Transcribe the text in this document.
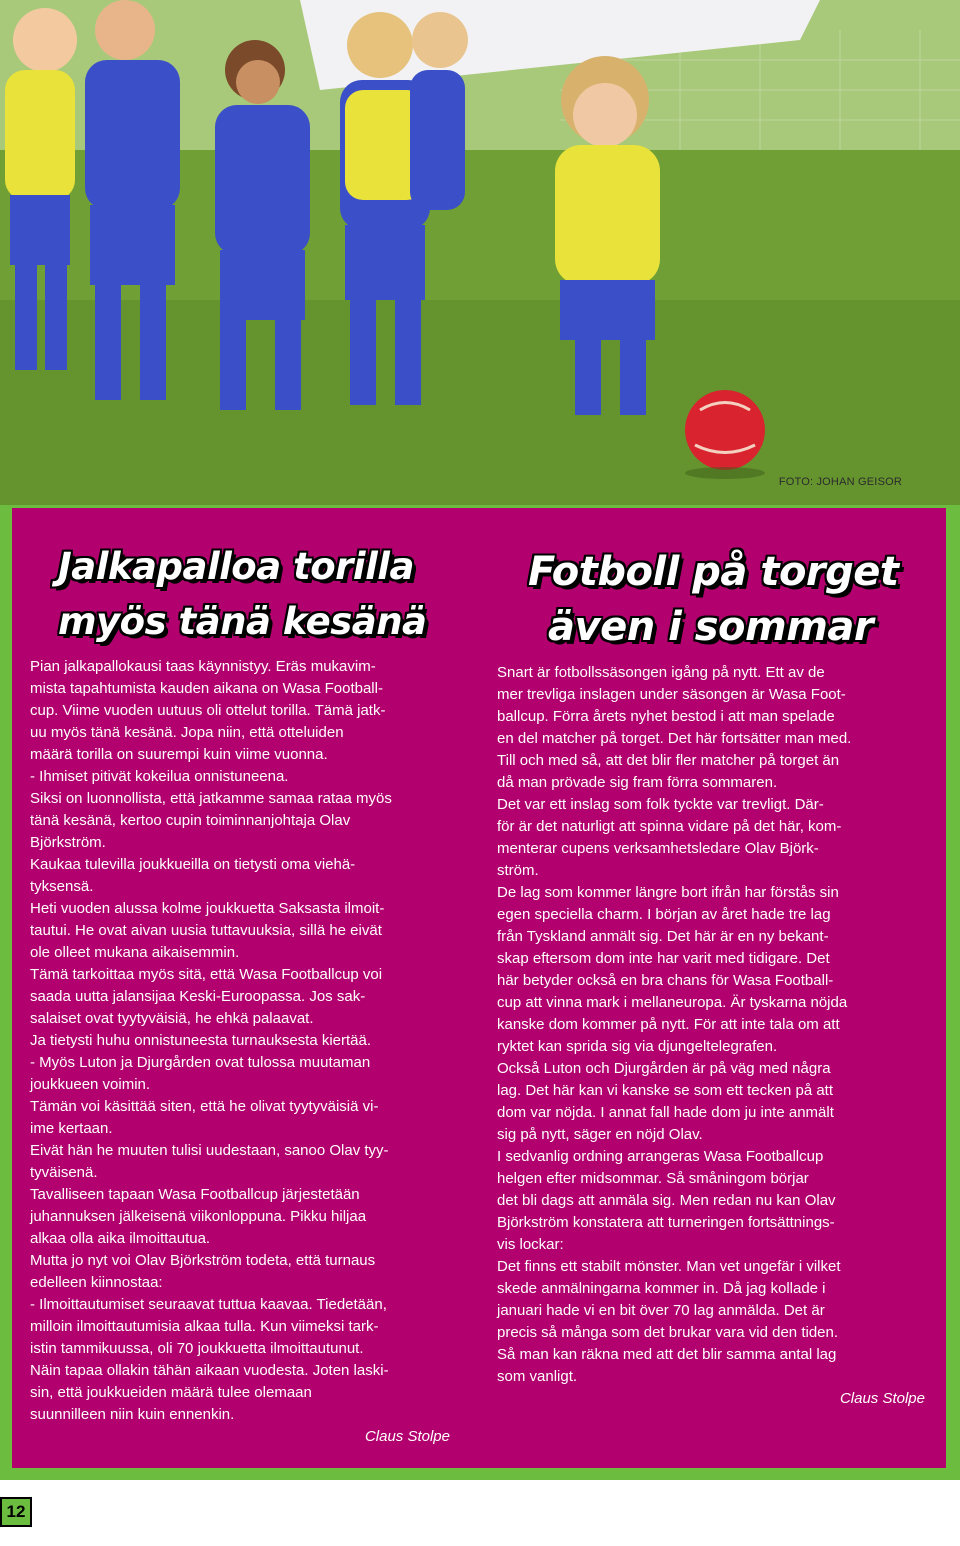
FOTO: JOHAN GEISOR
Jalkapalloa torilla
myös tänä kesänä
Fotboll på torget
även i sommar

Pian jalkapallokausi taas käynnistyy. Eräs mukavim-
mista tapahtumista kauden aikana on Wasa Football-
cup. Viime vuoden uutuus oli ottelut torilla. Tämä jatk-
uu myös tänä kesänä. Jopa niin, että otteluiden
määrä torilla on suurempi kuin viime vuonna.
- Ihmiset pitivät kokeilua onnistuneena.
Siksi on luonnollista, että jatkamme samaa rataa myös
tänä kesänä, kertoo cupin toiminnanjohtaja Olav
Björkström.
Kaukaa tulevilla joukkueilla on tietysti oma viehä-
tyksensä.
Heti vuoden alussa kolme joukkuetta Saksasta ilmoit-
tautui. He ovat aivan uusia tuttavuuksia, sillä he eivät
ole olleet mukana aikaisemmin.
Tämä tarkoittaa myös sitä, että Wasa Footballcup voi
saada uutta jalansijaa Keski-Euroopassa. Jos sak-
salaiset ovat tyytyväisiä, he ehkä palaavat.
Ja tietysti huhu onnistuneesta turnauksesta kiertää.
- Myös Luton ja Djurgården ovat tulossa muutaman
joukkueen voimin.
Tämän voi käsittää siten, että he olivat tyytyväisiä vi-
ime kertaan.
Eivät hän he muuten tulisi uudestaan, sanoo Olav tyy-
tyväisenä.
Tavalliseen tapaan Wasa Footballcup järjestetään
juhannuksen jälkeisenä viikonloppuna. Pikku hiljaa
alkaa olla aika ilmoittautua.
Mutta jo nyt voi Olav Björkström todeta, että turnaus
edelleen kiinnostaa:
- Ilmoittautumiset seuraavat tuttua kaavaa. Tiedetään,
milloin ilmoittautumisia alkaa tulla. Kun viimeksi tark-
istin tammikuussa, oli 70 joukkuetta ilmoittautunut.
Näin tapaa ollakin tähän aikaan vuodesta. Joten laski-
sin, että joukkueiden määrä tulee olemaan
suunnilleen niin kuin ennenkin.
Claus Stolpe

Snart är fotbollssäsongen igång på nytt. Ett av de
mer trevliga inslagen under säsongen är Wasa Foot-
ballcup. Förra årets nyhet bestod i att man spelade
en del matcher på torget. Det här fortsätter man med.
Till och med så, att det blir fler matcher på torget än
då man prövade sig fram förra sommaren.
Det var ett inslag som folk tyckte var trevligt. Där-
för är det naturligt att spinna vidare på det här, kom-
menterar cupens verksamhetsledare Olav Björk-
ström.
De lag som kommer längre bort ifrån har förstås sin
egen speciella charm. I början av året hade tre lag
från Tyskland anmält sig. Det här är en ny bekant-
skap eftersom dom inte har varit med tidigare. Det
här betyder också en bra chans för Wasa Football-
cup att vinna mark i mellaneuropa. Är tyskarna nöjda
kanske dom kommer på nytt. För att inte tala om att
ryktet kan sprida sig via djungeltelegrafen.
Också Luton och Djurgården är på väg med några
lag. Det här kan vi kanske se som ett tecken på att
dom var nöjda. I annat fall hade dom ju inte anmält
sig på nytt, säger en nöjd Olav.
I sedvanlig ordning arrangeras Wasa Footballcup
helgen efter midsommar. Så småningom börjar
det bli dags att anmäla sig. Men redan nu kan Olav
Björkström konstatera att turneringen fortsättnings-
vis lockar:
Det finns ett stabilt mönster. Man vet ungefär i vilket
skede anmälningarna kommer in. Då jag kollade i
januari hade vi en bit över 70 lag anmälda. Det är
precis så många som det brukar vara vid den tiden.
Så man kan räkna med att det blir samma antal lag
som vanligt.
Claus Stolpe

12
